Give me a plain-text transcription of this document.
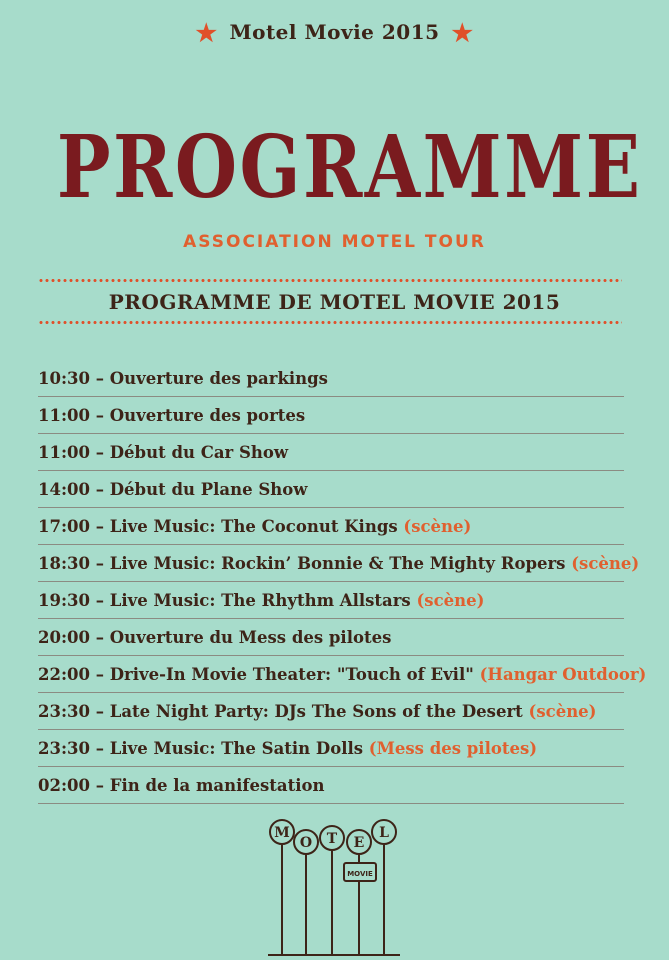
★ Motel Movie 2015 ★
PROGRAMME
ASSOCIATION MOTEL TOUR
PROGRAMME DE MOTEL MOVIE 2015
10:30 – Ouverture des parkings
11:00 – Ouverture des portes
11:00 – Début du Car Show
14:00 – Début du Plane Show
17:00 – Live Music: The Coconut Kings (scène)
18:30 – Live Music: Rockin’ Bonnie & The Mighty Ropers (scène)
19:30 – Live Music: The Rhythm Allstars (scène)
20:00 – Ouverture du Mess des pilotes
22:00 – Drive-In Movie Theater: "Touch of Evil" (Hangar Outdoor)
23:30 – Late Night Party: DJs The Sons of the Desert (scène)
23:30 – Live Music: The Satin Dolls (Mess des pilotes)
02:00 – Fin de la manifestation
M
O T E
L
MOVIE
